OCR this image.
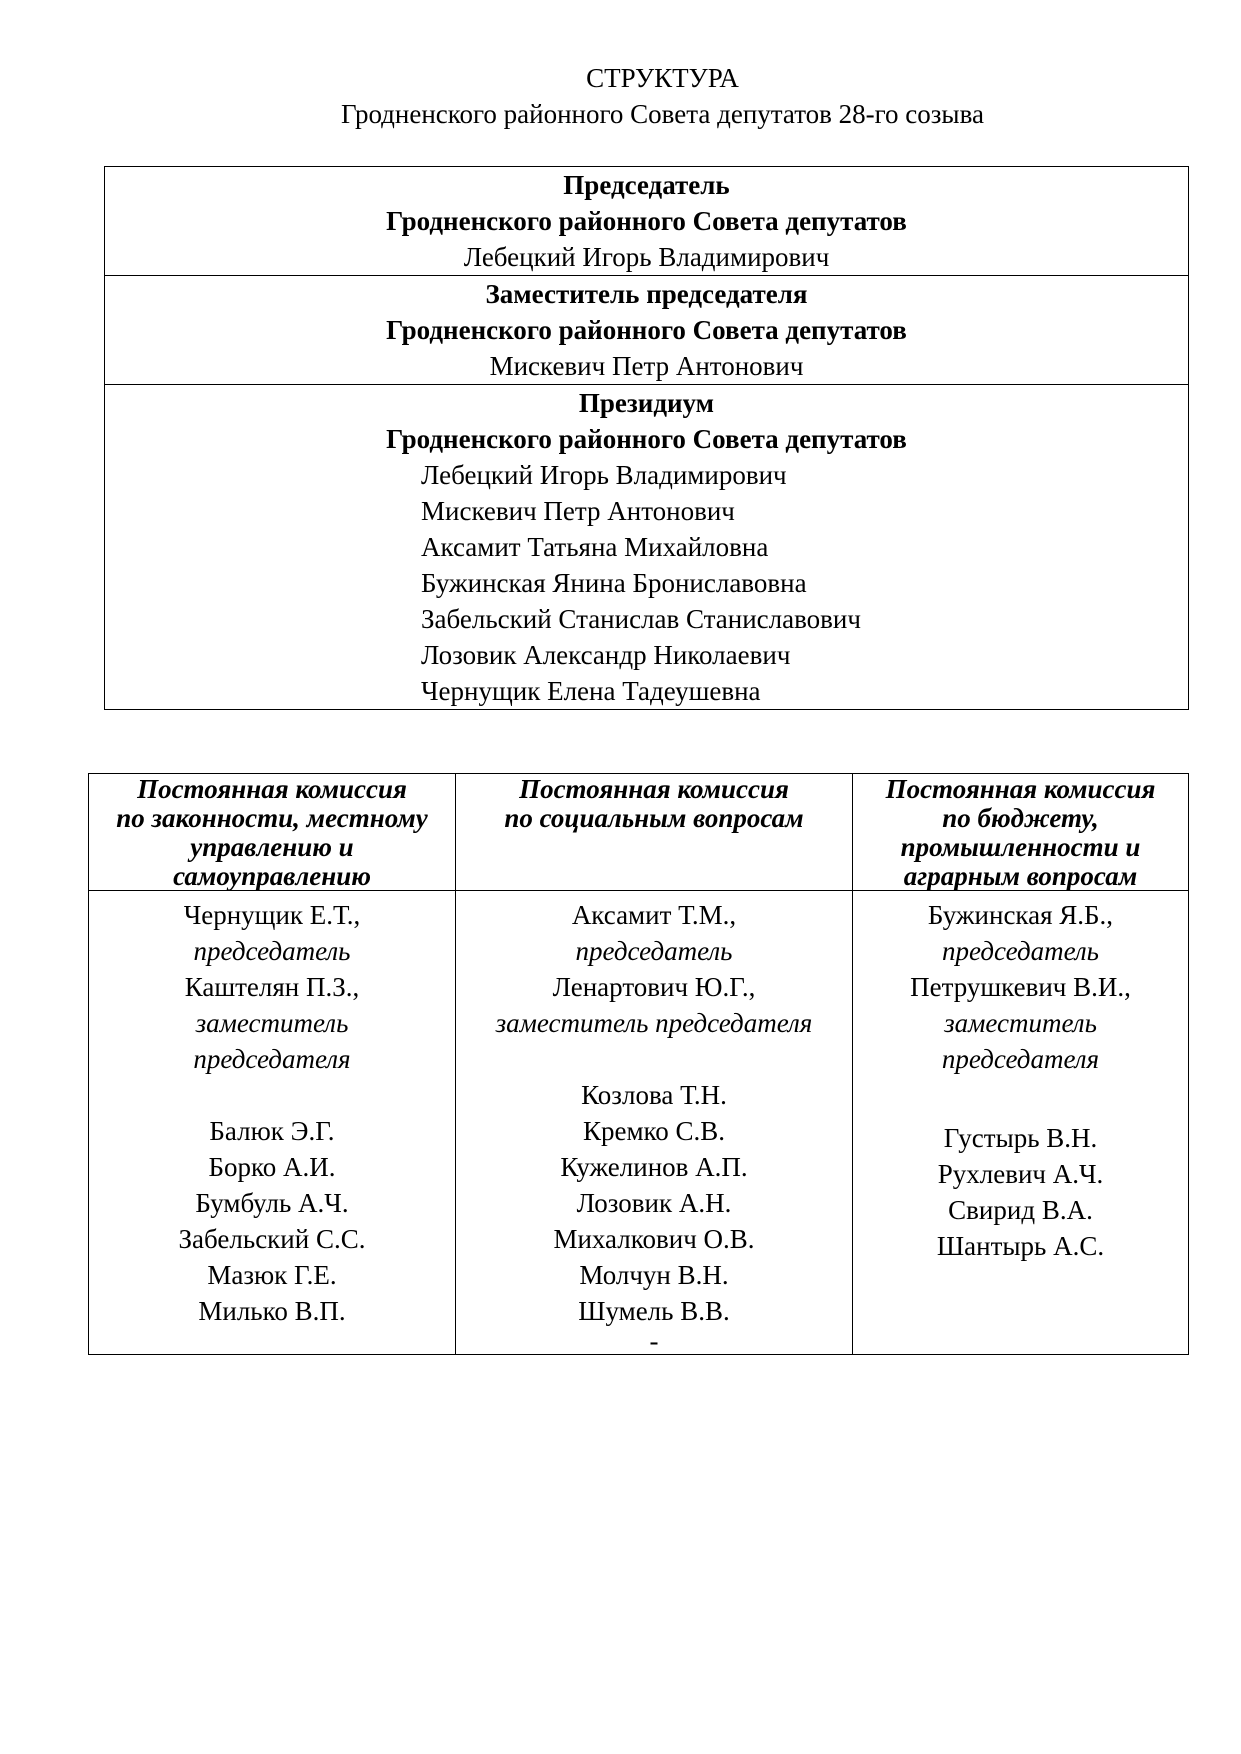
СТРУКТУРА
Гродненского районного Совета депутатов 28-го созыва
Председатель
Гродненского районного Совета депутатов
Лебецкий Игорь Владимирович
Заместитель председателя
Гродненского районного Совета депутатов
Мискевич Петр Антонович
Президиум
Гродненского районного Совета депутатов
Лебецкий Игорь Владимирович
Мискевич Петр Антонович
Аксамит Татьяна Михайловна
Бужинская Янина Брониславовна
Забельский Станислав Станиславович
Лозовик Александр Николаевич
Чернущик Елена Тадеушевна
Постоянная комиссия
по законности, местному
управлению и
самоуправлению
Постоянная комиссия
по социальным вопросам
Постоянная комиссия
по бюджету,
промышленности и
аграрным вопросам
Чернущик Е.Т.,
председатель
Каштелян П.З.,
заместитель
председателя
Балюк Э.Г.
Борко А.И.
Бумбуль А.Ч.
Забельский С.С.
Мазюк Г.Е.
Милько В.П.
Аксамит Т.М.,
председатель
Ленартович Ю.Г.,
заместитель председателя
Козлова Т.Н.
Кремко С.В.
Кужелинов А.П.
Лозовик А.Н.
Михалкович О.В.
Молчун В.Н.
Шумель В.В.
-
Бужинская Я.Б.,
председатель
Петрушкевич В.И.,
заместитель
председателя
Густырь В.Н.
Рухлевич А.Ч.
Свирид В.А.
Шантырь А.С.
